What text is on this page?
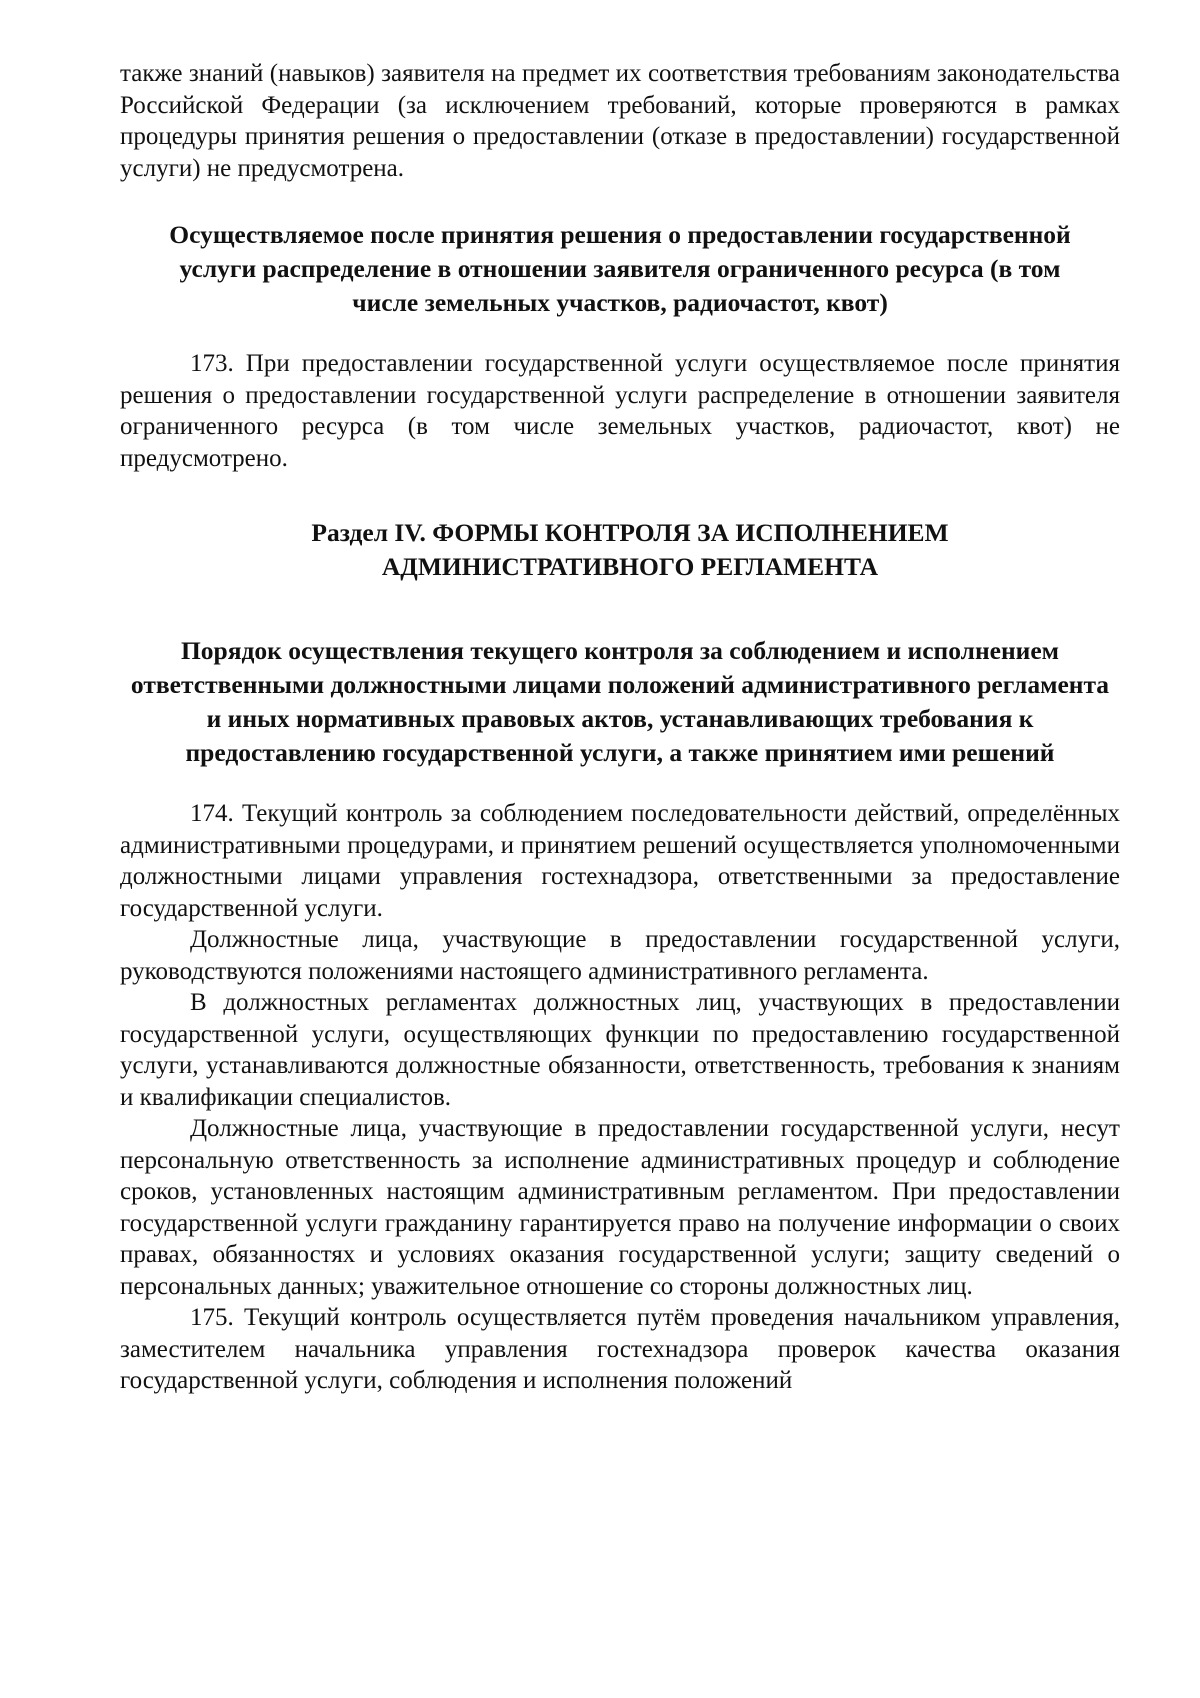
также знаний (навыков) заявителя на предмет их соответствия требованиям законодательства Российской Федерации (за исключением требований, которые проверяются в рамках процедуры принятия решения о предоставлении (отказе в предоставлении) государственной услуги) не предусмотрена.

Осуществляемое после принятия решения о предоставлении государственной услуги распределение в отношении заявителя ограниченного ресурса (в том числе земельных участков, радиочастот, квот)

173. При предоставлении государственной услуги осуществляемое после принятия решения о предоставлении государственной услуги распределение в отношении заявителя ограниченного ресурса (в том числе земельных участков, радиочастот, квот) не предусмотрено.

Раздел IV. ФОРМЫ КОНТРОЛЯ ЗА ИСПОЛНЕНИЕМ АДМИНИСТРАТИВНОГО РЕГЛАМЕНТА
Порядок осуществления текущего контроля за соблюдением и исполнением ответственными должностными лицами положений административного регламента и иных нормативных правовых актов, устанавливающих требования к предоставлению государственной услуги, а также принятием ими решений

174. Текущий контроль за соблюдением последовательности действий, определённых административными процедурами, и принятием решений осуществляется уполномоченными должностными лицами управления гостехнадзора, ответственными за предоставление государственной услуги.

Должностные лица, участвующие в предоставлении государственной услуги, руководствуются положениями настоящего административного регламента.

В должностных регламентах должностных лиц, участвующих в предоставлении государственной услуги, осуществляющих функции по предоставлению государственной услуги, устанавливаются должностные обязанности, ответственность, требования к знаниям и квалификации специалистов.

Должностные лица, участвующие в предоставлении государственной услуги, несут персональную ответственность за исполнение административных процедур и соблюдение сроков, установленных настоящим административным регламентом. При предоставлении государственной услуги гражданину гарантируется право на получение информации о своих правах, обязанностях и условиях оказания государственной услуги; защиту сведений о персональных данных; уважительное отношение со стороны должностных лиц.

175. Текущий контроль осуществляется путём проведения начальником управления, заместителем начальника управления гостехнадзора проверок качества оказания государственной услуги, соблюдения и исполнения положений
